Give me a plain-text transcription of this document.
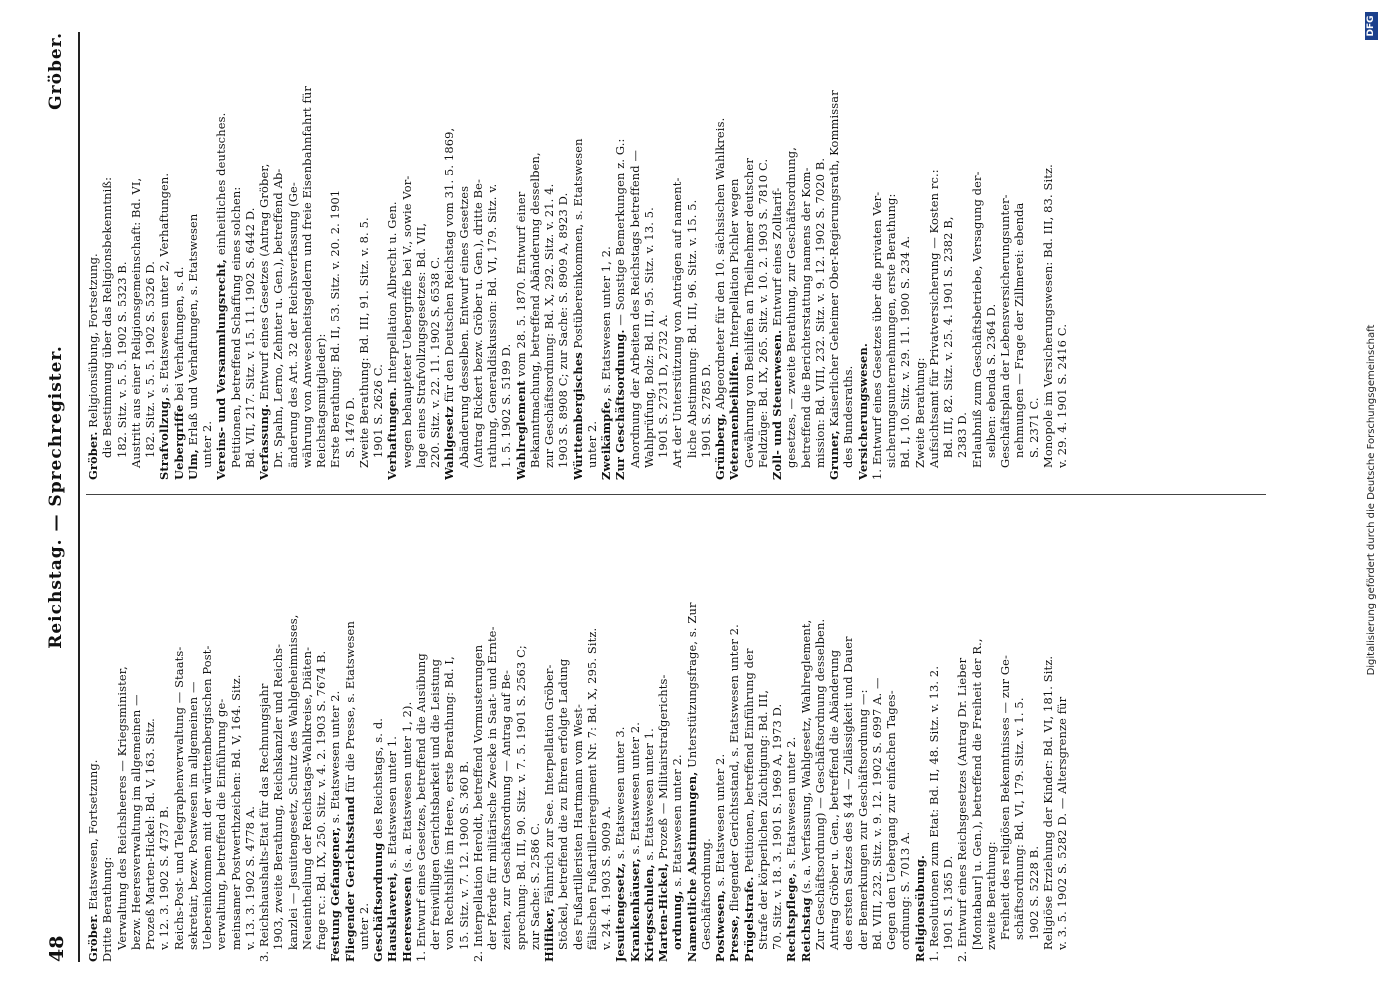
48
Reichstag. — Sprechregister.
Gröber.
Gröber. Etatswesen, Fortsetzung. Dritte Berathung: Verwaltung des Reichsheeres — Kriegsminister, bezw. Heeresverwaltung im allgemeinen — Prozeß Marten-Hickel: Bd. V, 163. Sitz. v. 12. 3. 1902 S. 4737 B. Reichs-Post- und Telegraphenverwaltung — Staats- sekretair, bezw. Postwesen im allgemeinen — Uebereinkommen mit der württembergischen Post- verwaltung, betreffend die Einführung ge- meinsamer Postwerthzeichen: Bd. V, 164. Sitz. v. 13. 3. 1902 S. 4778 A. 3. Reichshaushalts-Etat für das Rechnungsjahr 1903, zweite Berathung, Reichskanzler und Reichs- kanzlei — Jesuitengesetz, Schutz des Wahlgeheimnisses, Neueintheilung der Reichstags-Wahlkreise, Diäten- frage rc.: Bd. IX, 250. Sitz. v. 4. 2. 1903 S. 7674 B. Festung Gefangener, s. Etatswesen unter 2.
Fliegender Gerichtsstand für die Presse, s. Etatswesen
unter 2. Geschäftsordnung des Reichstags, s. d.
Hausklaverei, s. Etatswesen unter 1.
Heereswesen (s. a. Etatswesen unter 1, 2). 1. Entwurf eines Gesetzes, betreffend die Ausübung der freiwilligen Gerichtsbarkeit und die Leistung von Rechtshilfe im Heere, erste Berathung: Bd. I, 15. Sitz. v. 7. 12. 1900 S. 360 B. 2. Interpellation Heroldt, betreffend Vormusterungen der Pferde für militärische Zwecke in Saat- und Ernte- zeiten, zur Geschäftsordnung — Antrag auf Be- sprechung: Bd. III, 90. Sitz. v. 7. 5. 1901 S. 2563 C; zur Sache: S. 2586 C. Hilfiker, Fähnrich zur See. Interpellation Gröber- Stöckel, betreffend die zu Ehren erfolgte Ladung des Fußartilleristen Hartmann vom West- fälischen Fußartillerieregiment Nr. 7: Bd. X, 295. Sitz. v. 24. 4. 1903 S. 9009 A. Jesuitengesetz, s. Etatswesen unter 3.
Krankenhäuser, s. Etatswesen unter 2.
Kriegsschulen, s. Etatswesen unter 1.
Marten-Hickel, Prozeß — Militairstrafgerichts-
ordnung, s. Etatswesen unter 2. Namentliche Abstimmungen, Unterstützungsfrage, s. Zur
Geschäftsordnung. Postwesen, s. Etatswesen unter 2.
Presse, fliegender Gerichtsstand, s. Etatswesen unter 2.
Prügelstrafe. Petitionen, betreffend Einführung der Strafe der körperlichen Züchtigung: Bd. III, 70. Sitz. v. 18. 3. 1901 S. 1969 A, 1973 D. Rechtspflege, s. Etatswesen unter 2.
Reichstag (s. a. Verfassung, Wahlgesetz, Wahlreglement, Zur Geschäftsordnung) — Geschäftsordnung desselben. Antrag Gröber u. Gen., betreffend die Abänderung des ersten Satzes des § 44 — Zulässigkeit und Dauer der Bemerkungen zur Geschäftsordnung —: Bd. VIII, 232. Sitz. v. 9. 12. 1902 S. 6997 A. — Gegen den Uebergang zur einfachen Tages- ordnung: S. 7013 A. Religionsübung. 1. Resolutionen zum Etat: Bd. II, 48. Sitz. v. 13. 2. 1901 S. 1365 D. 2. Entwurf eines Reichsgesetzes (Antrag Dr. Lieber [Montabaur] u. Gen.), betreffend die Freiheit der R., zweite Berathung: Freiheit des religiösen Bekenntnisses — zur Ge- schäftsordnung: Bd. VI, 179. Sitz. v. 1. 5. 1902 S. 5228 B. Religiöse Erziehung der Kinder: Bd. VI, 181. Sitz. v. 3. 5. 1902 S. 5282 D. — Altersgrenze für
Gröber. Religionsübung, Fortsetzung. die Bestimmung über das Religionsbekenntniß: 182. Sitz. v. 5. 5. 1902 S. 5323 B. Austritt aus einer Religionsgemeinschaft: Bd. VI, 182. Sitz. v. 5. 5. 1902 S. 5326 D. Strafvollzug, s. Etatswesen unter 2, Verhaftungen.
Uebergriffe bei Verhaftungen, s. d.
Ulm, Erlaß und Verhaftungen, s. Etatswesen unter 2. Vereins- und Versammlungsrecht, einheitliches deutsches.
Petitionen, betreffend Schaffung eines solchen: Bd. VII, 217. Sitz. v. 15. 11. 1902 S. 6442 D. Verfassung. Entwurf eines Gesetzes (Antrag Gröber, Dr. Spahn, Lerno, Zehnter u. Gen.), betreffend Ab- änderung des Art. 32 der Reichsverfassung (Ge- währung von Anwesenheitsgeldern und freie Eisenbahnfahrt für Reichstagsmitglieder): Erste Berathung: Bd. II, 53. Sitz. v. 20. 2. 1901 S. 1476 D. Zweite Berathung: Bd. III, 91. Sitz. v. 8. 5. 1901 S. 2626 C. Verhaftungen. Interpellation Albrecht u. Gen. wegen behaupteter Uebergriffe bei V., sowie Vor- lage eines Strafvollzugsgesetzes: Bd. VII, 220. Sitz. v. 22. 11. 1902 S. 6538 C. Wahlgesetz für den Deutschen Reichstag vom 31. 5. 1869, Abänderung desselben. Entwurf eines Gesetzes (Antrag Rickert bezw. Gröber u. Gen.), dritte Be- rathung, Generaldiskussion: Bd. VI, 179. Sitz. v. 1. 5. 1902 S. 5199 D. Wahlreglement vom 28. 5. 1870. Entwurf einer Bekanntmachung, betreffend Abänderung desselben, zur Geschäftsordnung: Bd. X, 292. Sitz. v. 21. 4. 1903 S. 8908 C; zur Sache: S. 8909 A, 8923 D. Württembergisches Postübereinkommen, s. Etatswesen
unter 2. Zweikämpfe, s. Etatswesen unter 1, 2.
Zur Geschäftsordnung. — Sonstige Bemerkungen z. G.: Anordnung der Arbeiten des Reichstags betreffend — Wahlprüfung, Bolz: Bd. III, 95. Sitz. v. 13. 5. 1901 S. 2731 D, 2732 A. Art der Unterstützung von Anträgen auf nament- liche Abstimmung: Bd. III, 96. Sitz. v. 15. 5. 1901 S. 2785 D. Grünberg, Abgeordneter für den 10. sächsischen Wahlkreis.
Veteranenbeihilfen. Interpellation Pichler wegen Gewährung von Beihilfen an Theilnehmer deutscher Feldzüge: Bd. IX, 265. Sitz. v. 10. 2. 1903 S. 7810 C. Zoll- und Steuerwesen. Entwurf eines Zolltarif- gesetzes, — zweite Berathung, zur Geschäftsordnung, betreffend die Berichterstattung namens der Kom- mission: Bd. VIII, 232. Sitz. v. 9. 12. 1902 S. 7020 B. Gruner, Kaiserlicher Geheimer Ober-Regierungsrath, Kommissar des Bundesraths. Versicherungswesen. 1. Entwurf eines Gesetzes über die privaten Ver- sicherungsunternehmungen, erste Berathung: Bd. I, 10. Sitz. v. 29. 11. 1900 S. 234 A. Zweite Berathung: Aufsichtsamt für Privatversicherung — Kosten rc.: Bd. III, 82. Sitz. v. 25. 4. 1901 S. 2382 B, 2383 D. Erlaubniß zum Geschäftsbetriebe, Versagung der- selben: ebenda S. 2364 D. Geschäftsplan der Lebensversicherungsunter- nehmungen — Frage der Zillmerei: ebenda S. 2371 C. Monopole im Versicherungswesen: Bd. III, 83. Sitz. v. 29. 4. 1901 S. 2416 C.	Digitalisierung gefördert durch die Deutsche Forschungsgemeinschaft
DFG
